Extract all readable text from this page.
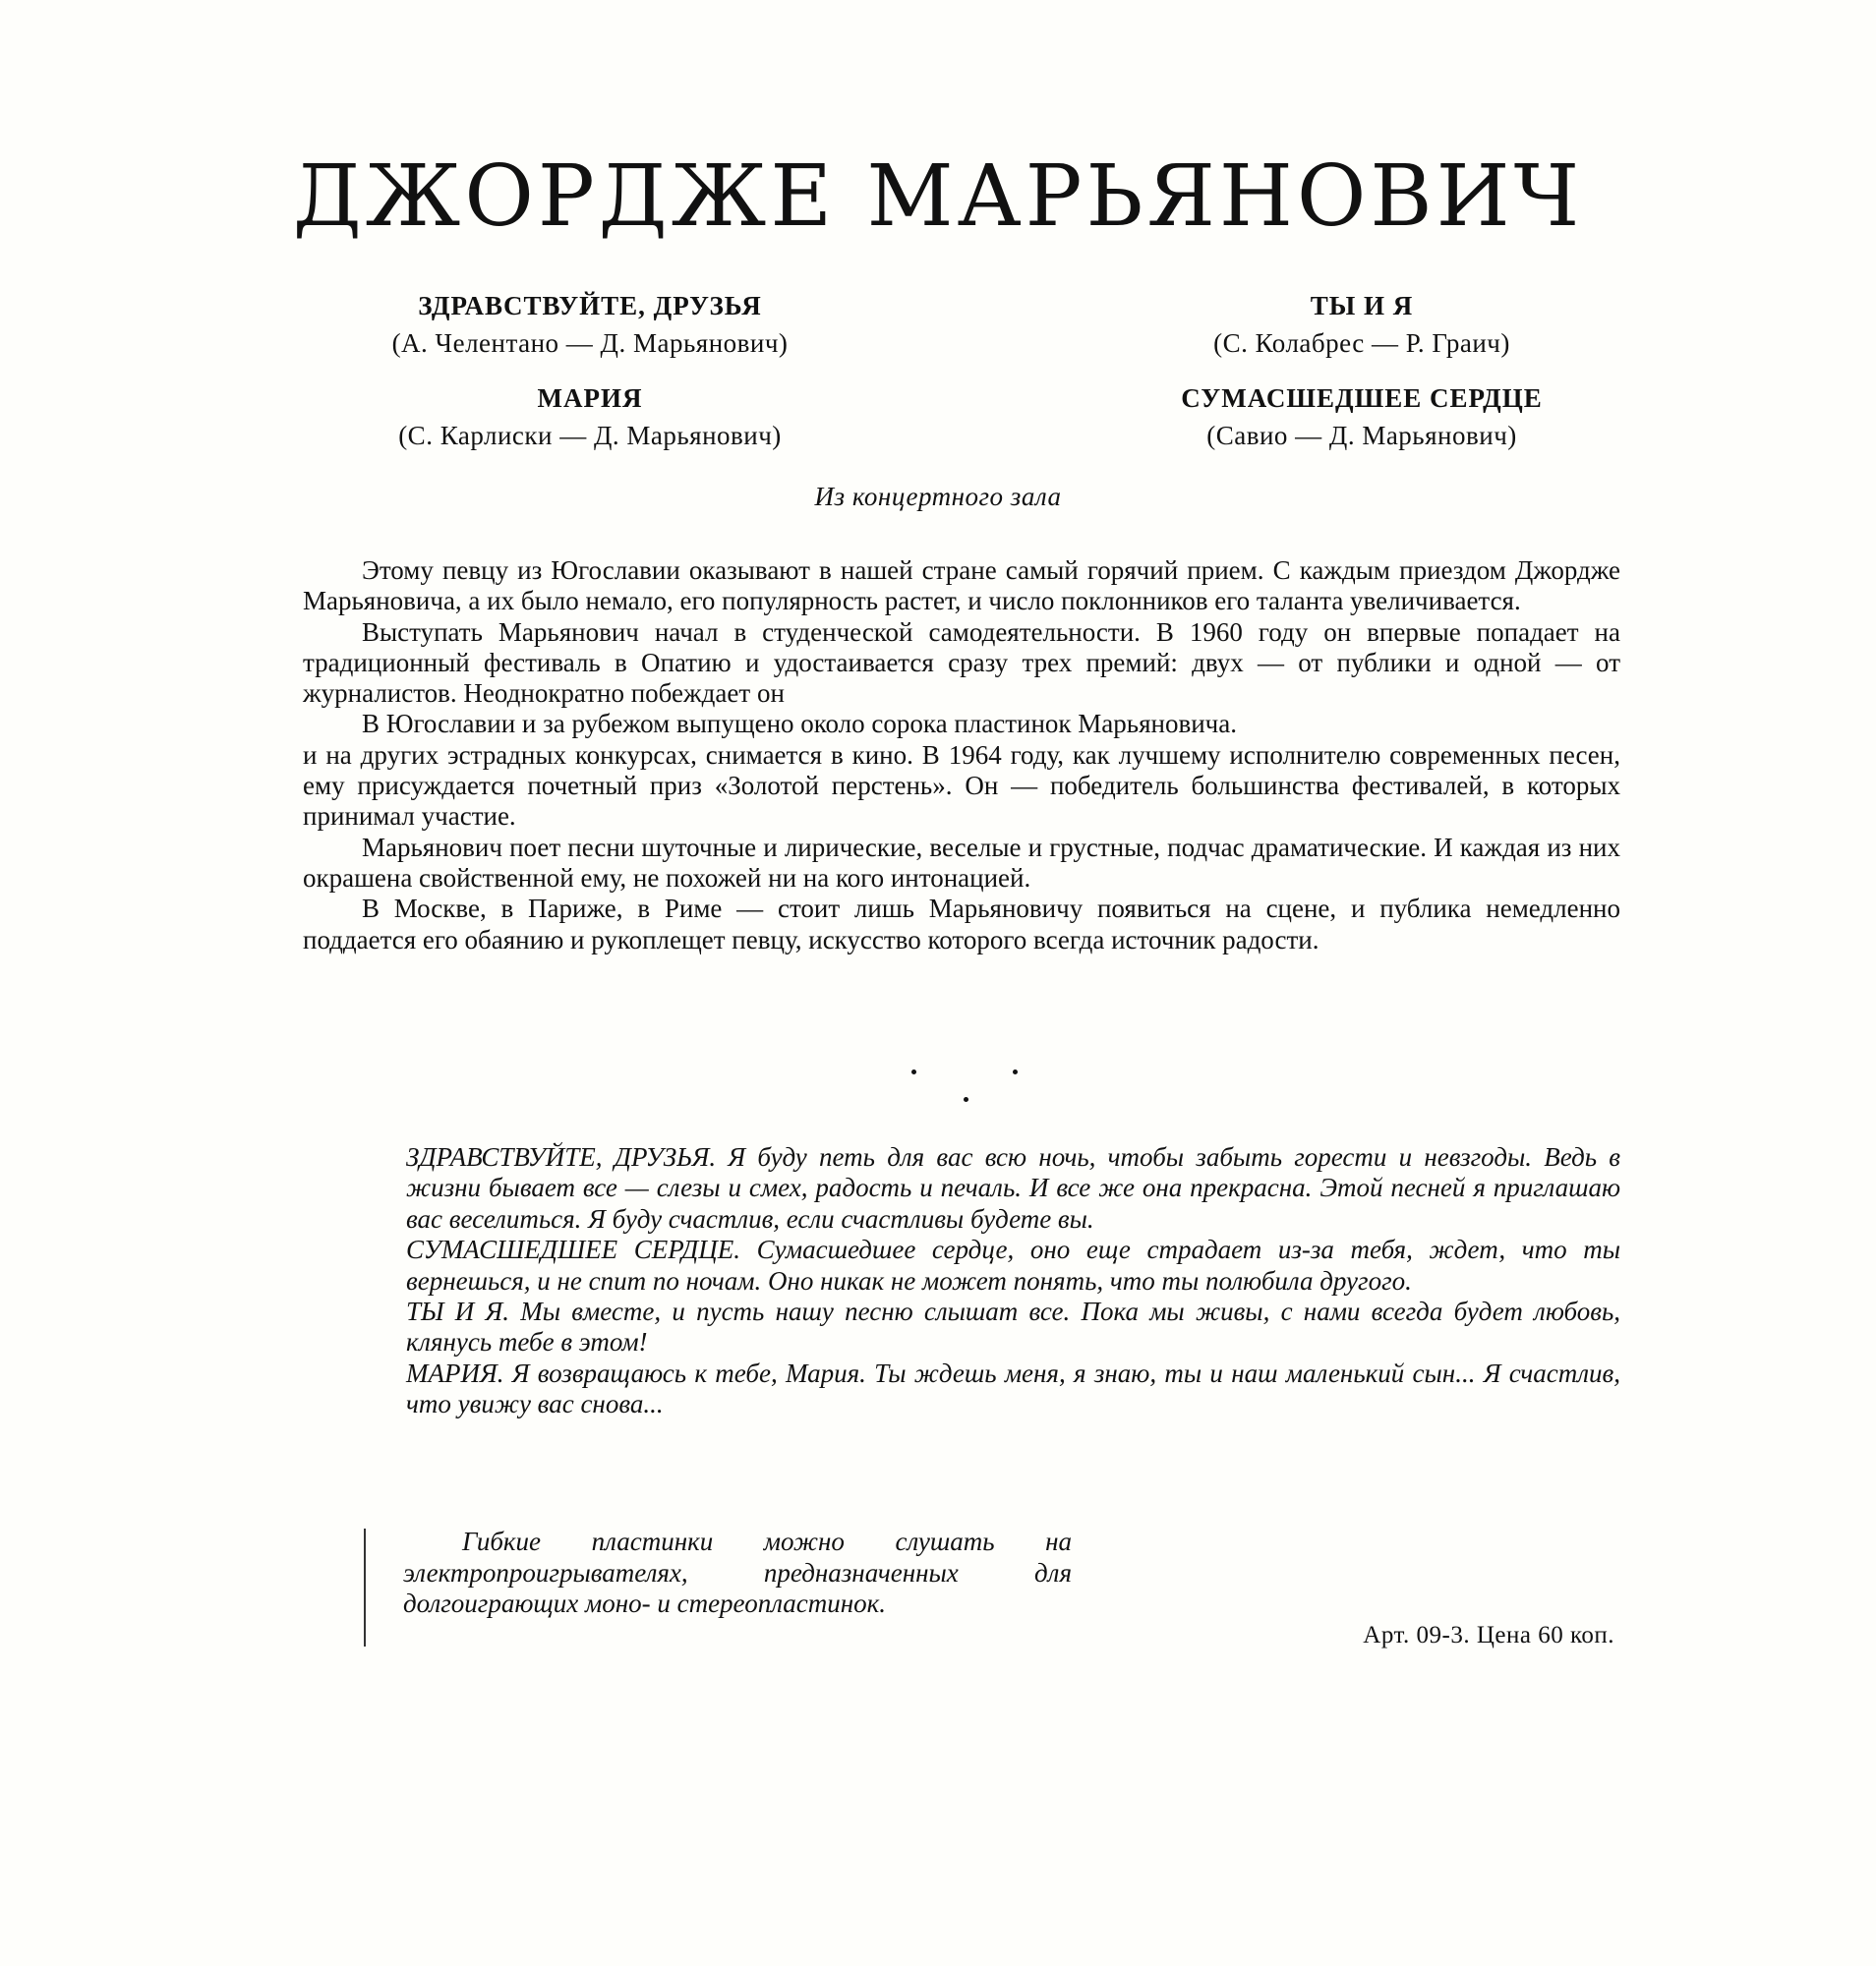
ДЖОРДЖЕ МАРЬЯНОВИЧ
ЗДРАВСТВУЙТЕ, ДРУЗЬЯ
(А. Челентано — Д. Марьянович)
МАРИЯ
(С. Карлиски — Д. Марьянович)
ТЫ И Я
(С. Колабрес — Р. Граич)
СУМАСШЕДШЕЕ СЕРДЦЕ
(Савио — Д. Марьянович)
Из концертного зала

Этому певцу из Югославии оказывают в нашей стране самый горячий прием. С каждым приездом Джордже Марьяновича, а их было немало, его популярность растет, и число поклонников его таланта увеличивается.

Выступать Марьянович начал в студенческой самодеятельности. В 1960 году он впервые попадает на традиционный фестиваль в Опатию и удостаивается сразу трех премий: двух — от публики и одной — от журналистов. Неоднократно побеждает он

В Югославии и за рубежом выпущено около сорока пластинок Марьяновича.

и на других эстрадных конкурсах, снимается в кино. В 1964 году, как лучшему исполнителю современных песен, ему присуждается почетный приз «Золотой перстень». Он — победитель большинства фестивалей, в которых принимал участие.

Марьянович поет песни шуточные и лирические, веселые и грустные, подчас драматические. И каждая из них окрашена свойственной ему, не похожей ни на кого интонацией.

В Москве, в Париже, в Риме — стоит лишь Марьяновичу появиться на сцене, и публика немедленно поддается его обаянию и рукоплещет певцу, искусство которого всегда источник радости.

ЗДРАВСТВУЙТЕ, ДРУЗЬЯ. Я буду петь для вас всю ночь, чтобы забыть горести и невзгоды. Ведь в жизни бывает все — слезы и смех, радость и печаль. И все же она прекрасна. Этой песней я приглашаю вас веселиться. Я буду счастлив, если счастливы будете вы.

СУМАСШЕДШЕЕ СЕРДЦЕ. Сумасшедшее сердце, оно еще страдает из-за тебя, ждет, что ты вернешься, и не спит по ночам. Оно никак не может понять, что ты полюбила другого.

ТЫ И Я. Мы вместе, и пусть нашу песню слышат все. Пока мы живы, с нами всегда будет любовь, клянусь тебе в этом!

МАРИЯ. Я возвращаюсь к тебе, Мария. Ты ждешь меня, я знаю, ты и наш маленький сын... Я счастлив, что увижу вас снова...

Гибкие пластинки можно слушать на электропроигрывателях, предназначенных для долгоиграющих моно- и стереопластинок.

Арт. 09-3. Цена 60 коп.
